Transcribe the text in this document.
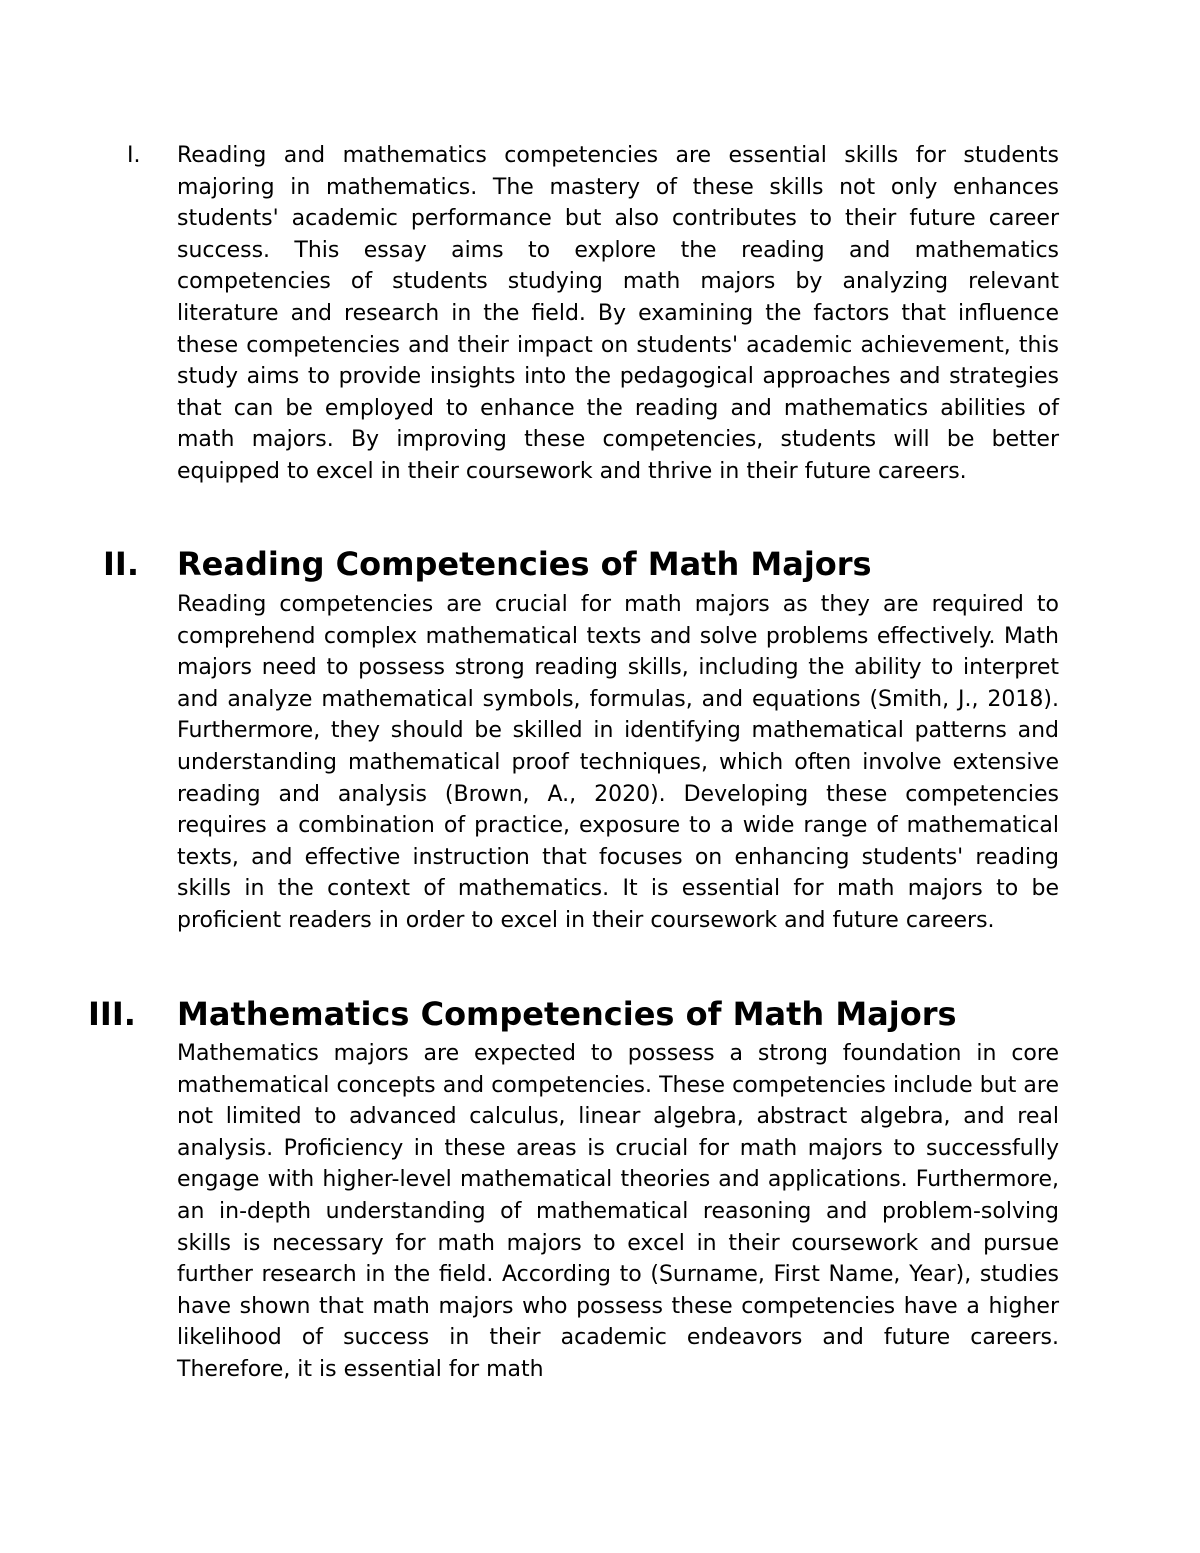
I. Reading and mathematics competencies are essential skills for students majoring in mathematics. The mastery of these skills not only enhances students' academic performance but also contributes to their future career success. This essay aims to explore the reading and mathematics competencies of students studying math majors by analyzing relevant literature and research in the field. By examining the factors that influence these competencies and their impact on students' academic achievement, this study aims to provide insights into the pedagogical approaches and strategies that can be employed to enhance the reading and mathematics abilities of math majors. By improving these competencies, students will be better equipped to excel in their coursework and thrive in their future careers.

II. Reading Competencies of Math Majors

Reading competencies are crucial for math majors as they are required to comprehend complex mathematical texts and solve problems effectively. Math majors need to possess strong reading skills, including the ability to interpret and analyze mathematical symbols, formulas, and equations (Smith, J., 2018). Furthermore, they should be skilled in identifying mathematical patterns and understanding mathematical proof techniques, which often involve extensive reading and analysis (Brown, A., 2020). Developing these competencies requires a combination of practice, exposure to a wide range of mathematical texts, and effective instruction that focuses on enhancing students' reading skills in the context of mathematics. It is essential for math majors to be proficient readers in order to excel in their coursework and future careers.

III. Mathematics Competencies of Math Majors

Mathematics majors are expected to possess a strong foundation in core mathematical concepts and competencies. These competencies include but are not limited to advanced calculus, linear algebra, abstract algebra, and real analysis. Proficiency in these areas is crucial for math majors to successfully engage with higher-level mathematical theories and applications. Furthermore, an in-depth understanding of mathematical reasoning and problem-solving skills is necessary for math majors to excel in their coursework and pursue further research in the field. According to (Surname, First Name, Year), studies have shown that math majors who possess these competencies have a higher likelihood of success in their academic endeavors and future careers. Therefore, it is essential for math
